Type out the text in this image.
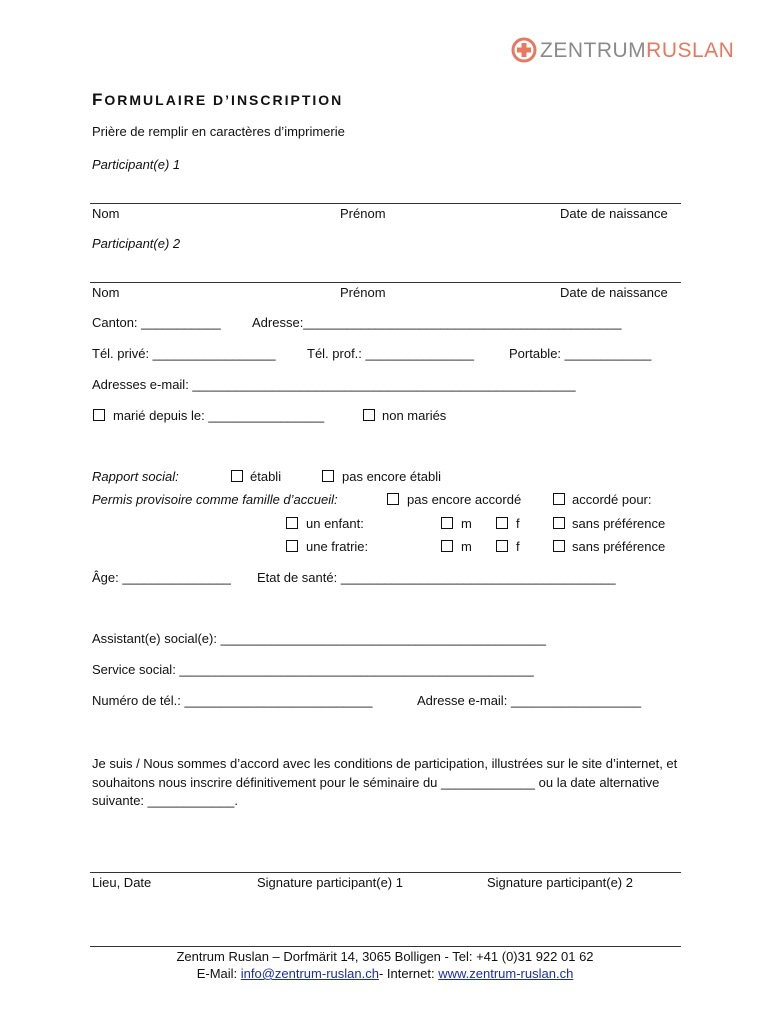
ZENTRUMRUSLAN
FORMULAIRE D’INSCRIPTION
Prière de remplir en caractères d’imprimerie
Participant(e) 1
Nom	Prénom	Date de naissance
Participant(e) 2
Nom	Prénom	Date de naissance
Canton: ___________ Adresse:____________________________________________
Tél. privé: _________________ Tél. prof.: _______________	Portable: ____________
Adresses e-mail: _____________________________________________________
marié depuis le: ________________	non mariés
Rapport social:	établi	pas encore établi
Permis provisoire comme famille d’accueil:	pas encore accordé	accordé pour:
un enfant:	m	f	sans préférence
une fratrie:	m	f	sans préférence
Âge: _______________ Etat de santé: ______________________________________
Assistant(e) social(e): _____________________________________________
Service social: _________________________________________________
Numéro de tél.: __________________________	Adresse e-mail: __________________
Je suis / Nous sommes d’accord avec les conditions de participation, illustrées sur le site d’internet, et souhaitons nous inscrire définitivement pour le séminaire du _____________ ou la date alternative suivante: ____________.
Lieu, Date	Signature participant(e) 1	Signature participant(e) 2
Zentrum Ruslan – Dorfmärit 14, 3065 Bolligen - Tel: +41 (0)31 922 01 62
E-Mail: info@zentrum-ruslan.ch- Internet: www.zentrum-ruslan.ch
